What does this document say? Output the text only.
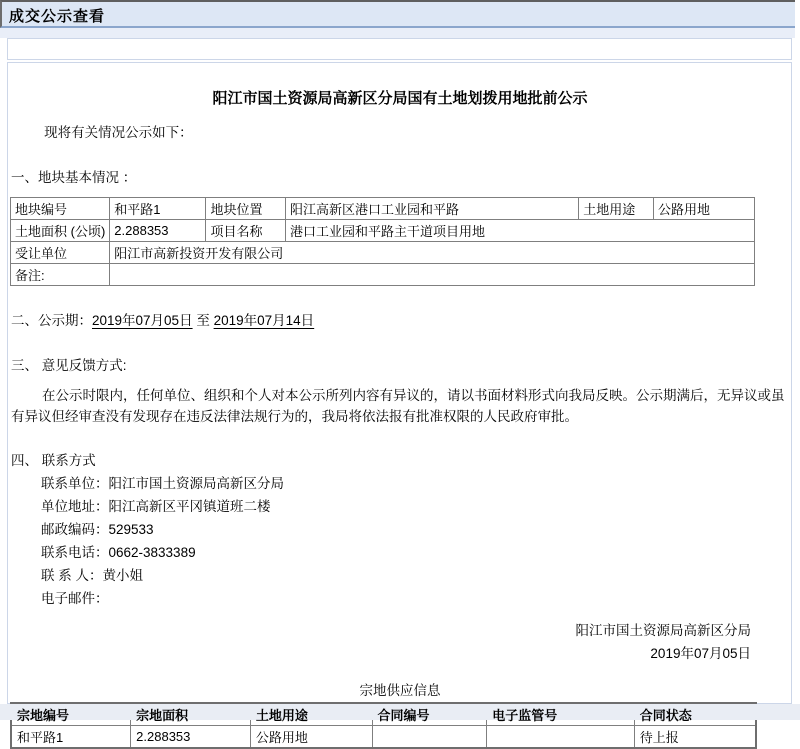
成交公示查看
阳江市国土资源局高新区分局国有土地划拨用地批前公示

现将有关情况公示如下：

一、地块基本情况 ：

地块编号	和平路1	地块位置	阳江高新区港口工业园和平路	土地用途	公路用地
土地面积 (公顷)	2.288353	项目名称	港口工业园和平路主干道项目用地		
受让单位	阳江市高新投资开发有限公司				
备注:					

二、公示期：2019年07月05日 至 2019年07月14日

三、 意见反馈方式:

在公示时限内，任何单位、组织和个人对本公示所列内容有异议的，请以书面材料形式向我局反映。公示期满后，无异议或虽有异议但经审查没有发现存在违反法律法规行为的，我局将依法报有批准权限的人民政府审批。

四、 联系方式

联系单位：阳江市国土资源局高新区分局
单位地址：阳江高新区平冈镇道班二楼
邮政编码：529533
联系电话：0662-3833389
联 系 人：黄小姐
电子邮件：
阳江市国土资源局高新区分局
2019年07月05日
宗地供应信息
宗地编号	宗地面积	土地用途	合同编号	电子监管号	合同状态
和平路1	2.288353	公路用地			待上报
